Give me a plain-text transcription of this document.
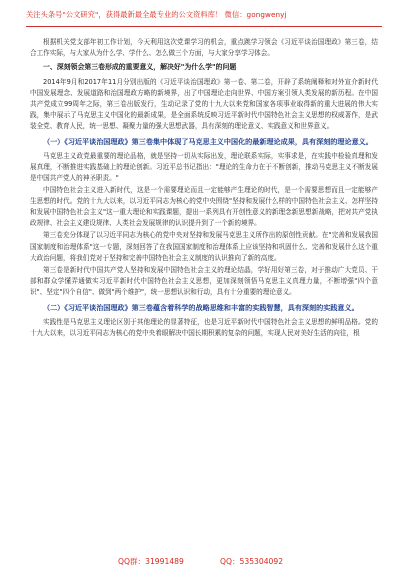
关注头条号"公文研究"，获得最新最全最专业的公文资料库！ 微信：gongwenyj

根据机关党支部年初工作计划，今天利用这次党课学习的机会，重点跳学习领会《习近平谈治国理政》第三卷，结合工作实际，与大家从为什么学、学什么、怎么做三个方面，与大家分享学习体会。

一、深刻领会第三卷形成的重要意义，解决好"为什么学"的问题

2014年9月和2017年11月分别出版的《习近平谈治国理政》第一卷、第二卷，开辟了系统阐释和对外宣介新时代中国发展理念、发展道路和治国理政方略的新境界，出了中国理论走向世界、中国方案引领人类发展的新历程。在中国共产党成立99周年之际，第三卷出版发行，生动记录了党的十九大以来党和国家各项事业取得新的重大进展的伟大实践，集中展示了马克思主义中国化的最新成果，是全面系统反映习近平新时代中国特色社会主义思想的权威著作，是武装全党、教育人民，统一思想、凝聚力量的强大思想武器，具有深刻的理论意义、实践意义和世界意义。

（一）《习近平谈治国理政》第三卷集中体现了马克思主义中国化的最新理论成果，具有深刻的理论意义。

马克思主义政党最重要的理论品格，就是坚持一切从实际出发，理论联系实际，实事求是，在实践中检验真理和发展真理，不断推进实践基础上的理论创新。习近平总书记指出："理论的生命力在于不断创新，推动马克思主义不断发展是中国共产党人的神圣职责。"

中国特色社会主义进入新时代，这是一个需要理论而且一定能够产生理论的时代，是一个需要思想而且一定能够产生思想的时代。党的十九大以来，以习近平同志为核心的党中央围绕"坚持和发展什么样的中国特色社会主义、怎样坚持和发展中国特色社会主义"这一重大理论和实践课题，提出一系列具有开创性意义的新理念新思想新战略，把对共产党执政规律、社会主义建设规律、人类社会发展规律的认识提升到了一个新的境界。

第三卷充分体现了以习近平同志为核心的党中央对坚持和发展马克思主义所作出的原创性贡献。在"完善和发展我国国家制度和治理体系"这一专题，深刻回答了在我国国家制度和治理体系上应该坚持和巩固什么、完善和发展什么这个重大政治问题，将我们党对于坚持和完善中国特色社会主义制度的认识推向了新的高度。

第三卷是新时代中国共产党人坚持和发展中国特色社会主义的理论结晶，学好用好第三卷，对于推动广大党员、干部和群众学懂弄通做实习近平新时代中国特色社会主义思想，更加深刻领悟马克思主义真理力量，不断增强"四个意识"、坚定"四个自信"、做到"两个维护"，统一思想认识和行动，具有十分重要的理论意义。

（二）《习近平谈治国理政》第三卷蕴含着科学的战略思维和丰富的实践智慧，具有深刻的实践意义。

实践性是马克思主义理论区别于其他理论的显著特征，也是习近平新时代中国特色社会主义思想的鲜明品格。党的十九大以来，以习近平同志为核心的党中央着眼解决中国长期积累的复杂的问题，实现人民对美好生活的向往，根

QQ群：31991489	QQ：535304092
